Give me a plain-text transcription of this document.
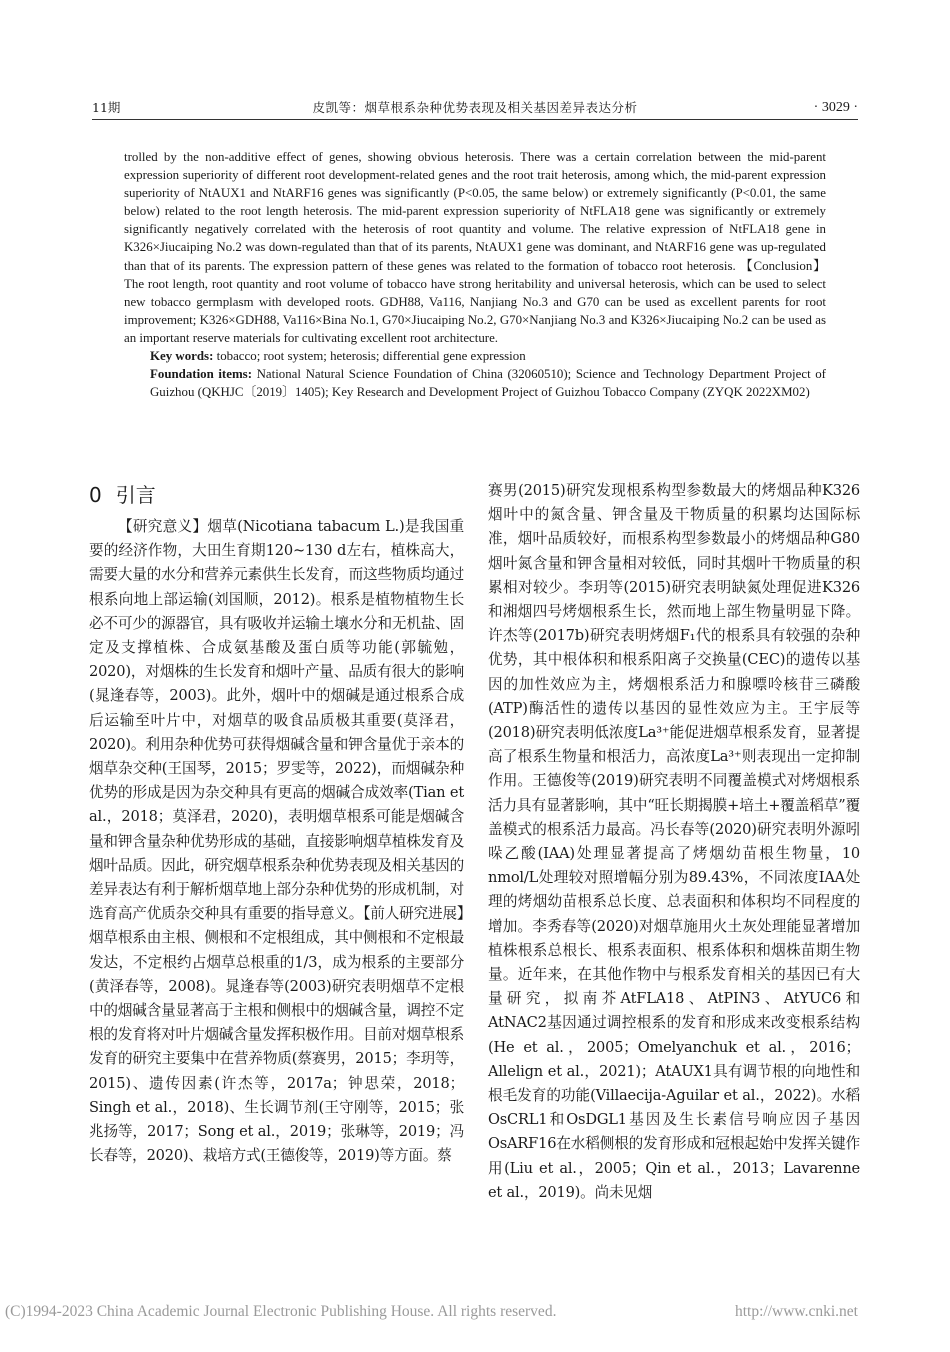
11期	皮凯等：烟草根系杂种优势表现及相关基因差异表达分析	· 3029 ·

trolled by the non-additive effect of genes, showing obvious heterosis. There was a certain correlation between the mid-parent expression superiority of different root development-related genes and the root trait heterosis, among which, the mid-parent expression superiority of NtAUX1 and NtARF16 genes was significantly (P<0.05, the same below) or extremely significantly (P<0.01, the same below) related to the root length heterosis. The mid-parent expression superiority of NtFLA18 gene was significantly or extremely significantly negatively correlated with the heterosis of root quantity and volume. The relative expression of NtFLA18 gene in K326×Jiucaiping No.2 was down-regulated than that of its parents, NtAUX1 gene was dominant, and NtARF16 gene was up-regulated than that of its parents. The expression pattern of these genes was related to the formation of tobacco root heterosis. 【Conclusion】The root length, root quantity and root volume of tobacco have strong heritability and universal heterosis, which can be used to select new tobacco germplasm with developed roots. GDH88, Va116, Nanjiang No.3 and G70 can be used as excellent parents for root improvement; K326×GDH88, Va116×Bina No.1, G70×Jiucaiping No.2, G70×Nanjiang No.3 and K326×Jiucaiping No.2 can be used as an important reserve materials for cultivating excellent root architecture.

Key words: tobacco; root system; heterosis; differential gene expression

Foundation items: National Natural Science Foundation of China (32060510); Science and Technology Department Project of Guizhou (QKHJC〔2019〕1405); Key Research and Development Project of Guizhou Tobacco Company (ZYQK 2022XM02)

0 引言

【研究意义】烟草(Nicotiana tabacum L.)是我国重要的经济作物，大田生育期120~130 d左右，植株高大，需要大量的水分和营养元素供生长发育，而这些物质均通过根系向地上部运输(刘国顺，2012)。根系是植物植物生长必不可少的源器官，具有吸收并运输土壤水分和无机盐、固定及支撑植株、合成氨基酸及蛋白质等功能(郭毓勉，2020)，对烟株的生长发育和烟叶产量、品质有很大的影响(晁逢春等，2003)。此外，烟叶中的烟碱是通过根系合成后运输至叶片中，对烟草的吸食品质极其重要(莫泽君，2020)。利用杂种优势可获得烟碱含量和钾含量优于亲本的烟草杂交种(王国琴，2015；罗雯等，2022)，而烟碱杂种优势的形成是因为杂交种具有更高的烟碱合成效率(Tian et al.，2018；莫泽君，2020)，表明烟草根系可能是烟碱含量和钾含量杂种优势形成的基础，直接影响烟草植株发育及烟叶品质。因此，研究烟草根系杂种优势表现及相关基因的差异表达有利于解析烟草地上部分杂种优势的形成机制，对选育高产优质杂交种具有重要的指导意义。【前人研究进展】烟草根系由主根、侧根和不定根组成，其中侧根和不定根最发达，不定根约占烟草总根重的1/3，成为根系的主要部分(黄泽春等，2008)。晁逢春等(2003)研究表明烟草不定根中的烟碱含量显著高于主根和侧根中的烟碱含量，调控不定根的发育将对叶片烟碱含量发挥积极作用。目前对烟草根系发育的研究主要集中在营养物质(蔡赛男，2015；李玥等，2015)、遗传因素(许杰等，2017a；钟思荣，2018；Singh et al.，2018)、生长调节剂(王守刚等，2015；张兆扬等，2017；Song et al.，2019；张琳等，2019；冯长春等，2020)、栽培方式(王德俊等，2019)等方面。蔡

赛男(2015)研究发现根系构型参数最大的烤烟品种K326烟叶中的氮含量、钾含量及干物质量的积累均达国际标准，烟叶品质较好，而根系构型参数最小的烤烟品种G80烟叶氮含量和钾含量相对较低，同时其烟叶干物质量的积累相对较少。李玥等(2015)研究表明缺氮处理促进K326和湘烟四号烤烟根系生长，然而地上部生物量明显下降。许杰等(2017b)研究表明烤烟F₁代的根系具有较强的杂种优势，其中根体积和根系阳离子交换量(CEC)的遗传以基因的加性效应为主，烤烟根系活力和腺嘌呤核苷三磷酸(ATP)酶活性的遗传以基因的显性效应为主。王宇辰等(2018)研究表明低浓度La³⁺能促进烟草根系发育，显著提高了根系生物量和根活力，高浓度La³⁺则表现出一定抑制作用。王德俊等(2019)研究表明不同覆盖模式对烤烟根系活力具有显著影响，其中“旺长期揭膜+培土+覆盖稻草”覆盖模式的根系活力最高。冯长春等(2020)研究表明外源吲哚乙酸(IAA)处理显著提高了烤烟幼苗根生物量，10 nmol/L处理较对照增幅分别为89.43%，不同浓度IAA处理的烤烟幼苗根系总长度、总表面积和体积均不同程度的增加。李秀春等(2020)对烟草施用火土灰处理能显著增加植株根系总根长、根系表面积、根系体积和烟株苗期生物量。近年来，在其他作物中与根系发育相关的基因已有大量研究，拟南芥AtFLA18、AtPIN3、AtYUC6和AtNAC2基因通过调控根系的发育和形成来改变根系结构(He et al.，2005；Omelyanchuk et al.，2016；Allelign et al.，2021)；AtAUX1具有调节根的向地性和根毛发育的功能(Villaecija-Aguilar et al.，2022)。水稻OsCRL1和OsDGL1基因及生长素信号响应因子基因OsARF16在水稻侧根的发育形成和冠根起始中发挥关键作用(Liu et al.，2005；Qin et al.，2013；Lavarenne et al.，2019)。尚未见烟

(C)1994-2023 China Academic Journal Electronic Publishing House. All rights reserved.	http://www.cnki.net
